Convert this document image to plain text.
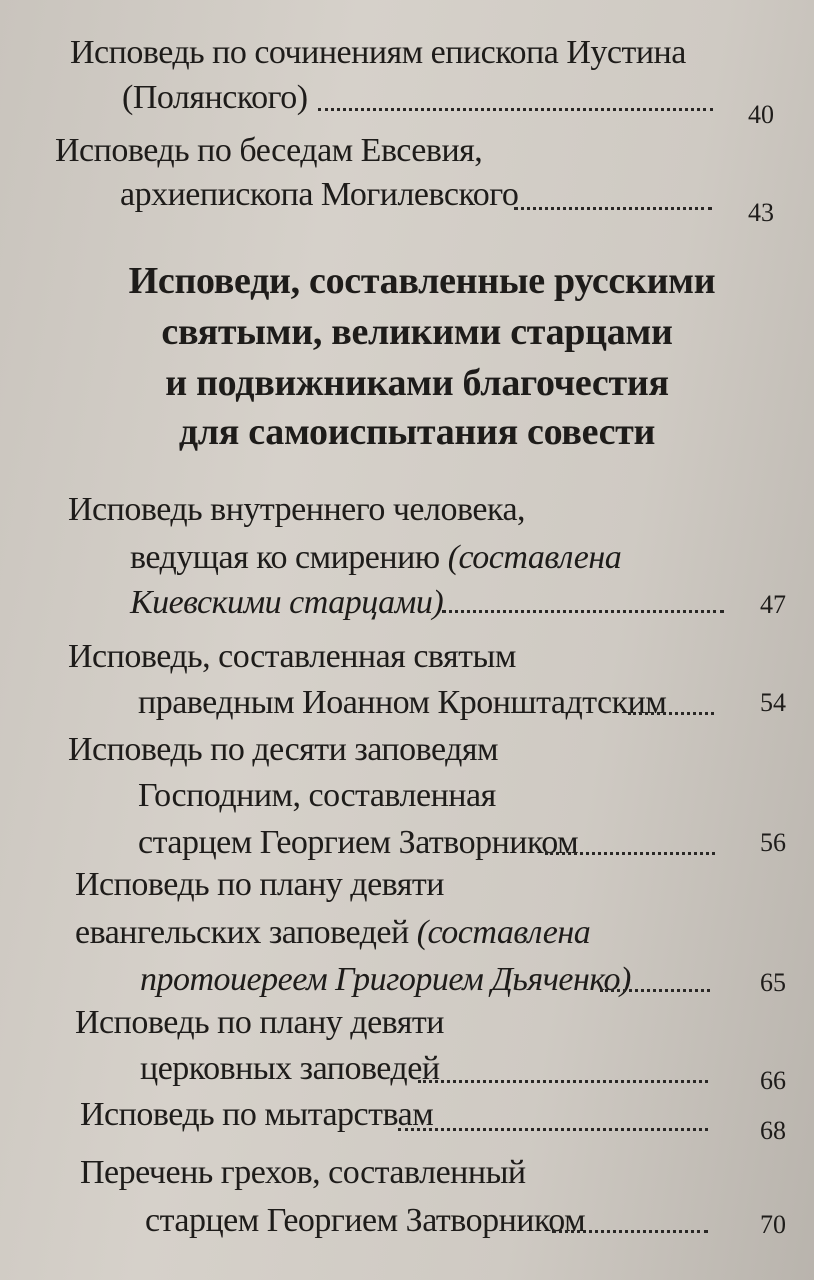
Исповедь по сочинениям епископа Иустина
(Полянского)	40
Исповедь по беседам Евсевия,
архиепископа Могилевского	43
Исповеди, составленные русскими
святыми, великими старцами
и подвижниками благочестия
для самоиспытания совести
Исповедь внутреннего человека,
ведущая ко смирению (составлена
Киевскими старцами)	47
Исповедь, составленная святым
праведным Иоанном Кронштадтским	54
Исповедь по десяти заповедям
Господним, составленная
старцем Георгием Затворником	56
Исповедь по плану девяти
евангельских заповедей (составлена
протоиереем Григорием Дьяченко)	65
Исповедь по плану девяти
церковных заповедей	66
Исповедь по мытарствам	68
Перечень грехов, составленный
старцем Георгием Затворником	70
